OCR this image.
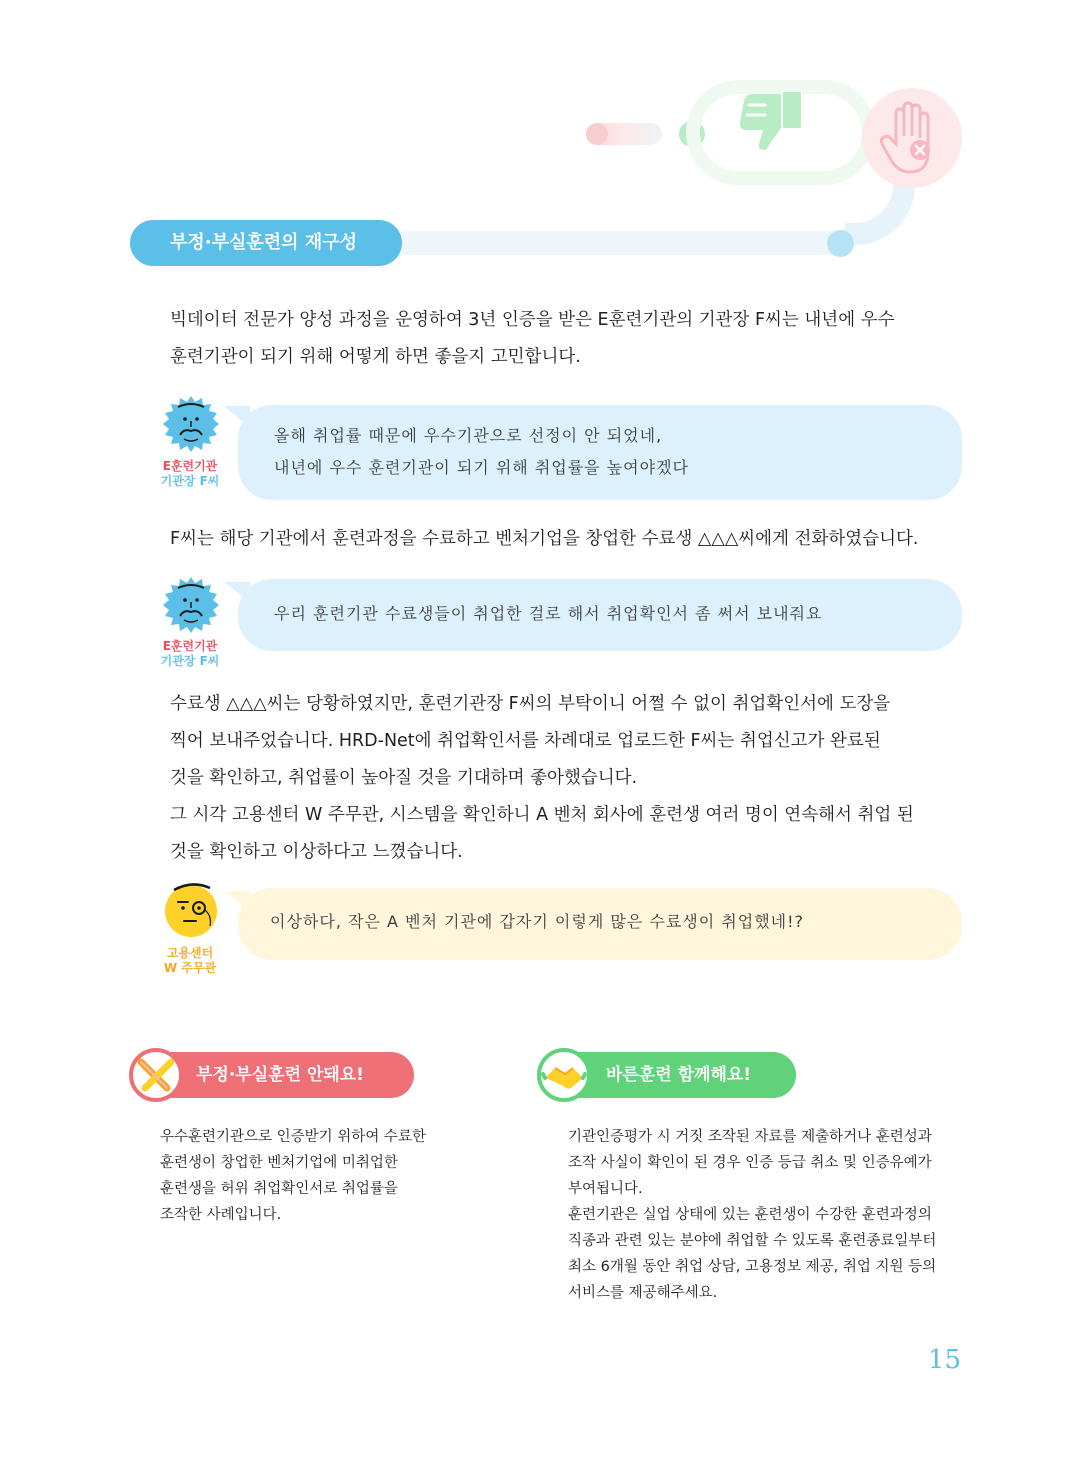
부정·부실훈련의 재구성
빅데이터 전문가 양성 과정을 운영하여 3년 인증을 받은 E훈련기관의 기관장 F씨는 내년에 우수
훈련기관이 되기 위해 어떻게 하면 좋을지 고민합니다.
E훈련기관
기관장 F씨
올해 취업률 때문에 우수기관으로 선정이 안 되었네,
내년에 우수 훈련기관이 되기 위해 취업률을 높여야겠다
F씨는 해당 기관에서 훈련과정을 수료하고 벤처기업을 창업한 수료생 △△△씨에게 전화하였습니다.
E훈련기관
기관장 F씨
우리 훈련기관 수료생들이 취업한 걸로 해서 취업확인서 좀 써서 보내줘요
수료생 △△△씨는 당황하였지만, 훈련기관장 F씨의 부탁이니 어쩔 수 없이 취업확인서에 도장을
찍어 보내주었습니다. HRD-Net에 취업확인서를 차례대로 업로드한 F씨는 취업신고가 완료된
것을 확인하고, 취업률이 높아질 것을 기대하며 좋아했습니다.
그 시각 고용센터 W 주무관, 시스템을 확인하니 A 벤처 회사에 훈련생 여러 명이 연속해서 취업 된
것을 확인하고 이상하다고 느꼈습니다.
고용센터
W 주무관
이상하다, 작은 A 벤처 기관에 갑자기 이렇게 많은 수료생이 취업했네!?
부정·부실훈련 안돼요!
우수훈련기관으로 인증받기 위하여 수료한
훈련생이 창업한 벤처기업에 미취업한
훈련생을 허위 취업확인서로 취업률을
조작한 사례입니다.
바른훈련 함께해요!
기관인증평가 시 거짓 조작된 자료를 제출하거나 훈련성과
조작 사실이 확인이 된 경우 인증 등급 취소 및 인증유예가
부여됩니다.
훈련기관은 실업 상태에 있는 훈련생이 수강한 훈련과정의
직종과 관련 있는 분야에 취업할 수 있도록 훈련종료일부터
최소 6개월 동안 취업 상담, 고용정보 제공, 취업 지원 등의
서비스를 제공해주세요.
15
